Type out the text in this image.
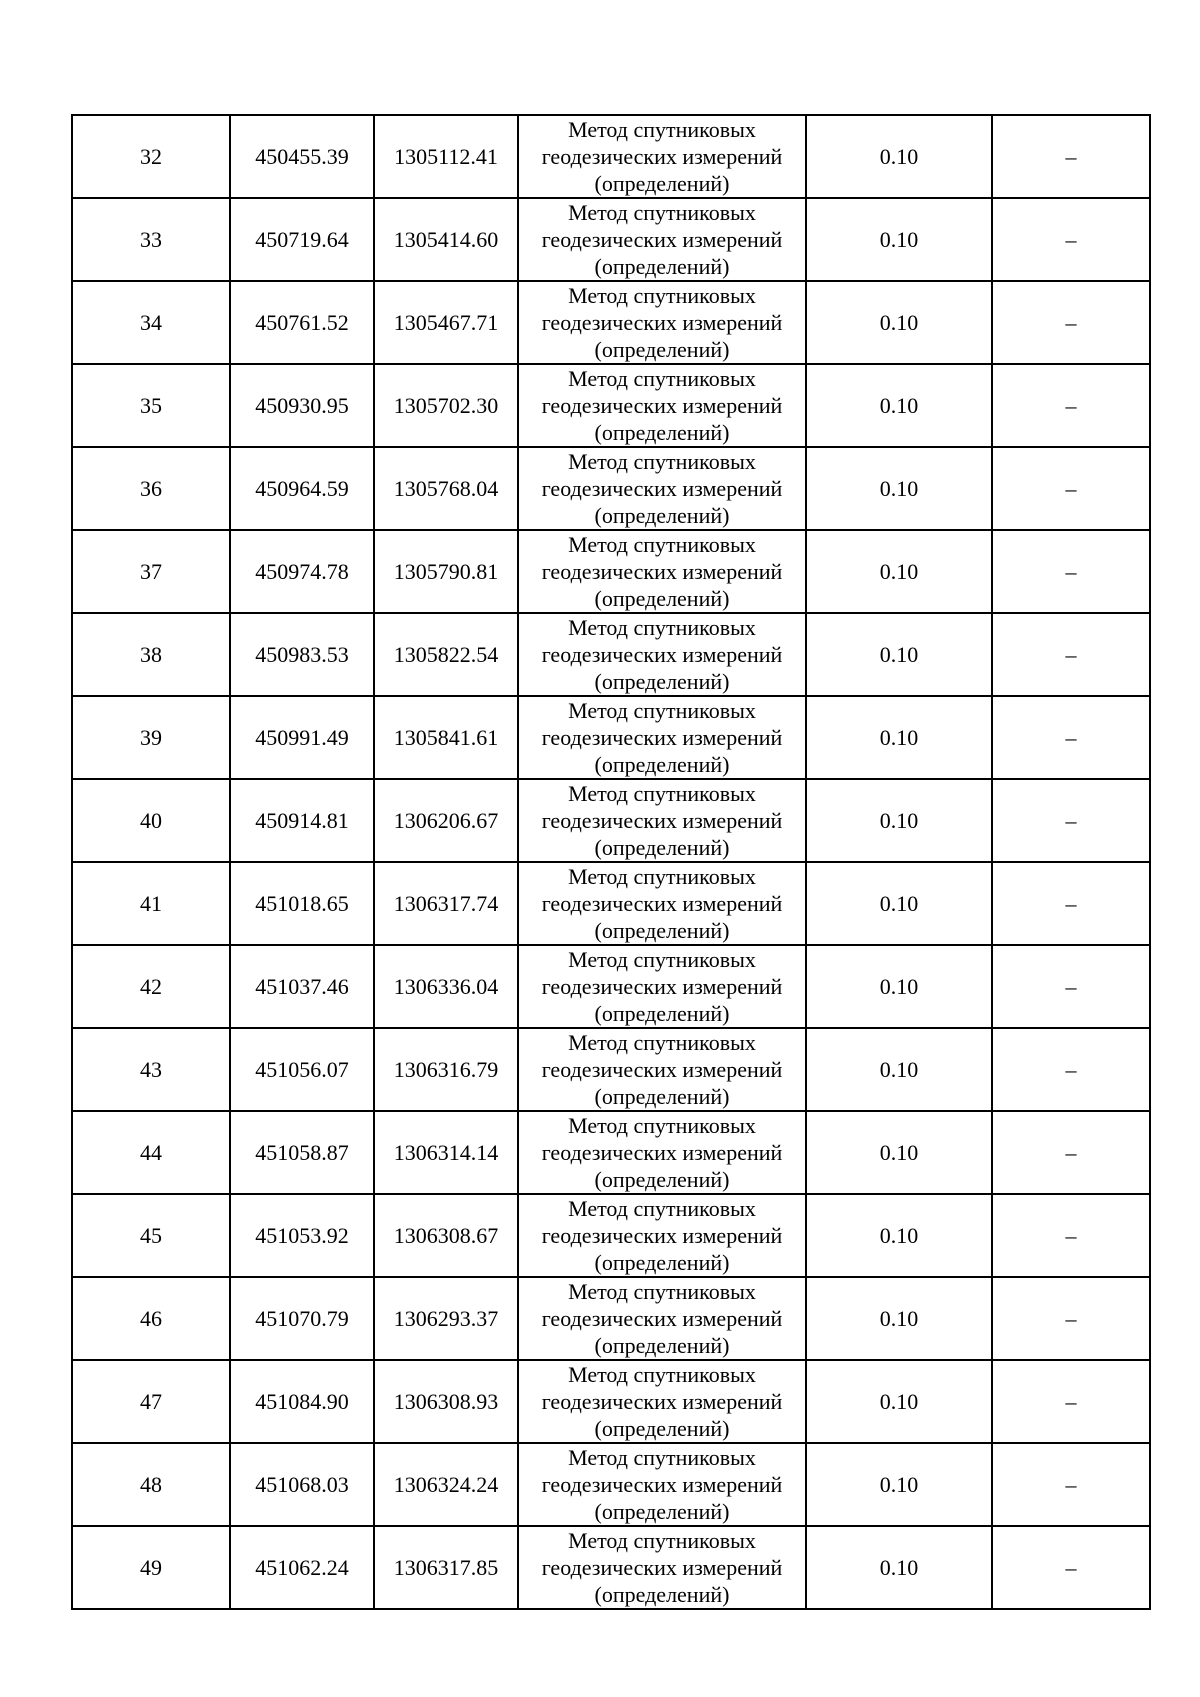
32	450455.39	1305112.41	Метод спутниковых
геодезических измерений
(определений)	0.10	–
33	450719.64	1305414.60	Метод спутниковых
геодезических измерений
(определений)	0.10	–
34	450761.52	1305467.71	Метод спутниковых
геодезических измерений
(определений)	0.10	–
35	450930.95	1305702.30	Метод спутниковых
геодезических измерений
(определений)	0.10	–
36	450964.59	1305768.04	Метод спутниковых
геодезических измерений
(определений)	0.10	–
37	450974.78	1305790.81	Метод спутниковых
геодезических измерений
(определений)	0.10	–
38	450983.53	1305822.54	Метод спутниковых
геодезических измерений
(определений)	0.10	–
39	450991.49	1305841.61	Метод спутниковых
геодезических измерений
(определений)	0.10	–
40	450914.81	1306206.67	Метод спутниковых
геодезических измерений
(определений)	0.10	–
41	451018.65	1306317.74	Метод спутниковых
геодезических измерений
(определений)	0.10	–
42	451037.46	1306336.04	Метод спутниковых
геодезических измерений
(определений)	0.10	–
43	451056.07	1306316.79	Метод спутниковых
геодезических измерений
(определений)	0.10	–
44	451058.87	1306314.14	Метод спутниковых
геодезических измерений
(определений)	0.10	–
45	451053.92	1306308.67	Метод спутниковых
геодезических измерений
(определений)	0.10	–
46	451070.79	1306293.37	Метод спутниковых
геодезических измерений
(определений)	0.10	–
47	451084.90	1306308.93	Метод спутниковых
геодезических измерений
(определений)	0.10	–
48	451068.03	1306324.24	Метод спутниковых
геодезических измерений
(определений)	0.10	–
49	451062.24	1306317.85	Метод спутниковых
геодезических измерений
(определений)	0.10	–
